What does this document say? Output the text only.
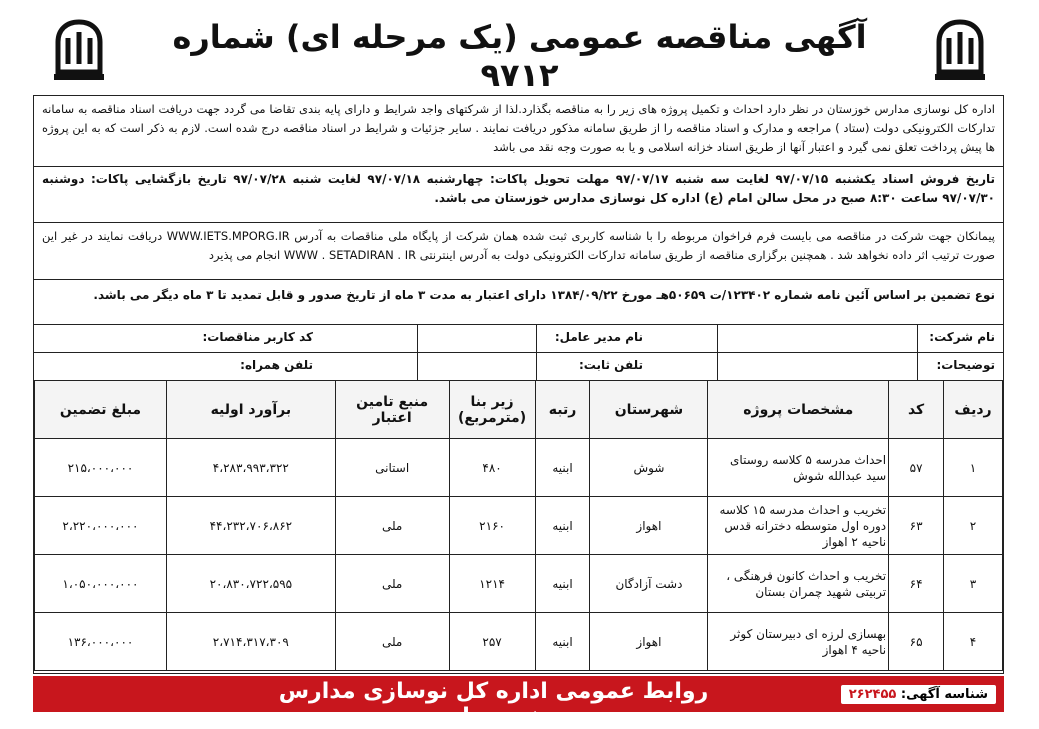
آگهی مناقصه عمومی (یک مرحله ای) شماره ۹۷۱۲
اداره کل نوسازی مدارس خوزستان در نظر دارد احداث و تکمیل پروژه های زیر را به مناقصه بگذارد.لذا از شرکتهای واجد شرایط و دارای پایه بندی تقاضا می گردد جهت دریافت اسناد مناقصه به سامانه تدارکات الکترونیکی دولت (ستاد ) مراجعه و مدارک و اسناد مناقصه را از طریق سامانه مذکور دریافت نمایند . سایر جزئیات و شرایط در اسناد مناقصه درج شده است. لازم به ذکر است که به این پروژه ها پیش پرداخت تعلق نمی گیرد و اعتبار آنها از طریق اسناد خزانه اسلامی و یا به صورت وجه نقد می باشد
تاریخ فروش اسناد یکشنبه ۹۷/۰۷/۱۵ لغایت سه شنبه ۹۷/۰۷/۱۷ مهلت تحویل پاکات: چهارشنبه ۹۷/۰۷/۱۸ لغایت شنبه ۹۷/۰۷/۲۸ تاریخ بازگشایی پاکات: دوشنبه ۹۷/۰۷/۳۰ ساعت ۸:۳۰ صبح در محل سالن امام (ع) اداره کل نوسازی مدارس خوزستان می باشد.
پیمانکان جهت شرکت در مناقصه می بایست فرم فراخوان مربوطه را با شناسه کاربری ثبت شده همان شرکت از پایگاه ملی مناقصات به آدرس WWW.IETS.MPORG.IR دریافت نمایند در غیر این صورت ترتیب اثر داده نخواهد شد . همچنین برگزاری مناقصه از طریق سامانه تدارکات الکترونیکی دولت به آدرس اینترنتی WWW . SETADIRAN . IR انجام می پذیرد
نوع تضمین بر اساس آئین نامه شماره ۱۲۳۴۰۲/ت ۵۰۶۵۹هـ مورخ ۱۳۸۴/۰۹/۲۲ دارای اعتبار به مدت ۳ ماه از تاریخ صدور و قابل تمدید تا ۳ ماه دیگر می باشد.
نام شرکت:
نام مدیر عامل:
کد کاربر مناقصات:
توضیحات:
تلفن ثابت:
تلفن همراه:
ردیف	کد	مشخصات پروژه	شهرستان	رتبه	زیر بنا (مترمربع)	منبع تامین اعتبار	برآورد اولیه	مبلغ تضمین
۱	۵۷	احداث مدرسه ۵ کلاسه روستای سید عبدالله شوش	شوش	ابنیه	۴۸۰	استانی	۴،۲۸۳،۹۹۳،۳۲۲	۲۱۵،۰۰۰،۰۰۰
۲	۶۳	تخریب و احداث مدرسه ۱۵ کلاسه دوره اول متوسطه دخترانه قدس ناحیه ۲ اهواز	اهواز	ابنیه	۲۱۶۰	ملی	۴۴،۲۳۲،۷۰۶،۸۶۲	۲،۲۲۰،۰۰۰،۰۰۰
۳	۶۴	تخریب و احداث کانون فرهنگی ، تربیتی شهید چمران بستان	دشت آزادگان	ابنیه	۱۲۱۴	ملی	۲۰،۸۳۰،۷۲۲،۵۹۵	۱،۰۵۰،۰۰۰،۰۰۰
۴	۶۵	بهسازی لرزه ای دبیرستان کوثر ناحیه ۴ اهواز	اهواز	ابنیه	۲۵۷	ملی	۲،۷۱۴،۳۱۷،۳۰۹	۱۳۶،۰۰۰،۰۰۰
شناسه آگهی: ۲۶۲۴۵۵
روابط عمومی اداره کل نوسازی مدارس خوزستان
